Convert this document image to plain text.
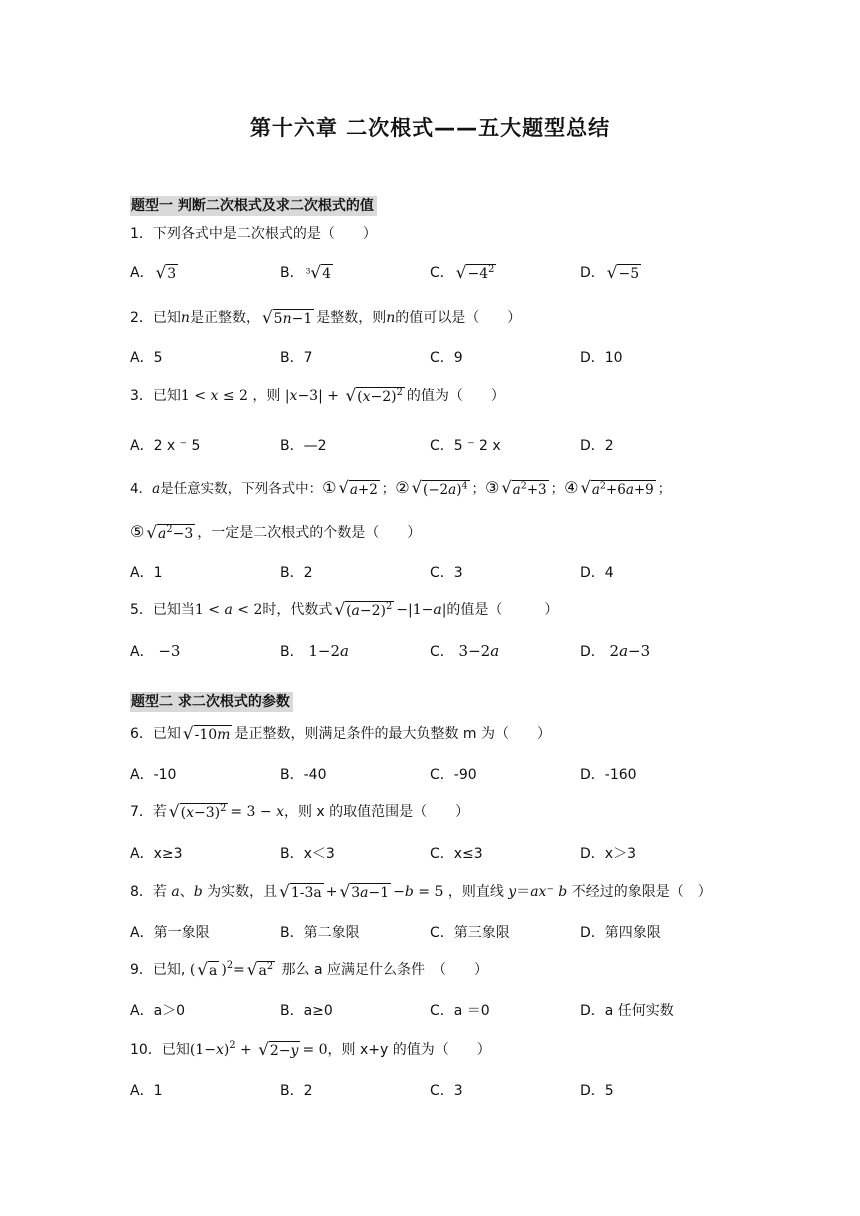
第十六章 二次根式——五大题型总结
题型一 判断二次根式及求二次根式的值
1．下列各式中是二次根式的是（　　）
A． √ 3	B． $^3$√ 4	C． √ $-4^2$	D． √ −5
2．已知n是正整数， √ 5n−1 是整数，则n的值可以是（　　）
A．5	B．7	C．9	D．10
3．已知1 < x ≤ 2 ，则 |x−3| + √ $(x-2)^2$ 的值为（　　）
A．2 x ⁻ 5	B．—2	C．5 ⁻ 2 x	D．2
4．a是任意实数，下列各式中：① √ a+2 ；② √ $(-2a)^4$ ；③ √ $a^2+3$ ；④ √ $a^2+6a+9$ ；
⑤ √ $a^2-3$ ，一定是二次根式的个数是（　　）
A．1	B．2	C．3	D．4
5．已知当1 < a < 2时，代数式 √ $(a-2)^2 -|1-a|$的值是（　　　）
A． −3	B． 1−2a	C． 3−2a	D． 2a−3
题型二 求二次根式的参数
6．已知 √ -10m 是正整数，则满足条件的最大负整数 m 为（　　）
A．-10	B．-40	C．-90	D．-160
7．若 √ $(x-3)^2 = 3 - x$，则 x 的取值范围是（　　）
A．x≥3	B．x＜3	C．x≤3	D．x＞3
8．若 a、b 为实数，且 √ 1-3a + √ 3a−1 −b = 5 ，则直线 y＝ax⁻ b 不经过的象限是（　）
A．第一象限	B．第二象限	C．第三象限	D．第四象限
9．已知, ( √ a )$^2$= √ $a^2$ 那么 a 应满足什么条件　（　　）
A．a＞0	B．a≥0	C．a ＝0	D．a 任何实数
10．已知$(1-x)^2$ + √ 2−y = 0，则 x+y 的值为（　　）
A．1	B．2	C．3	D．5
